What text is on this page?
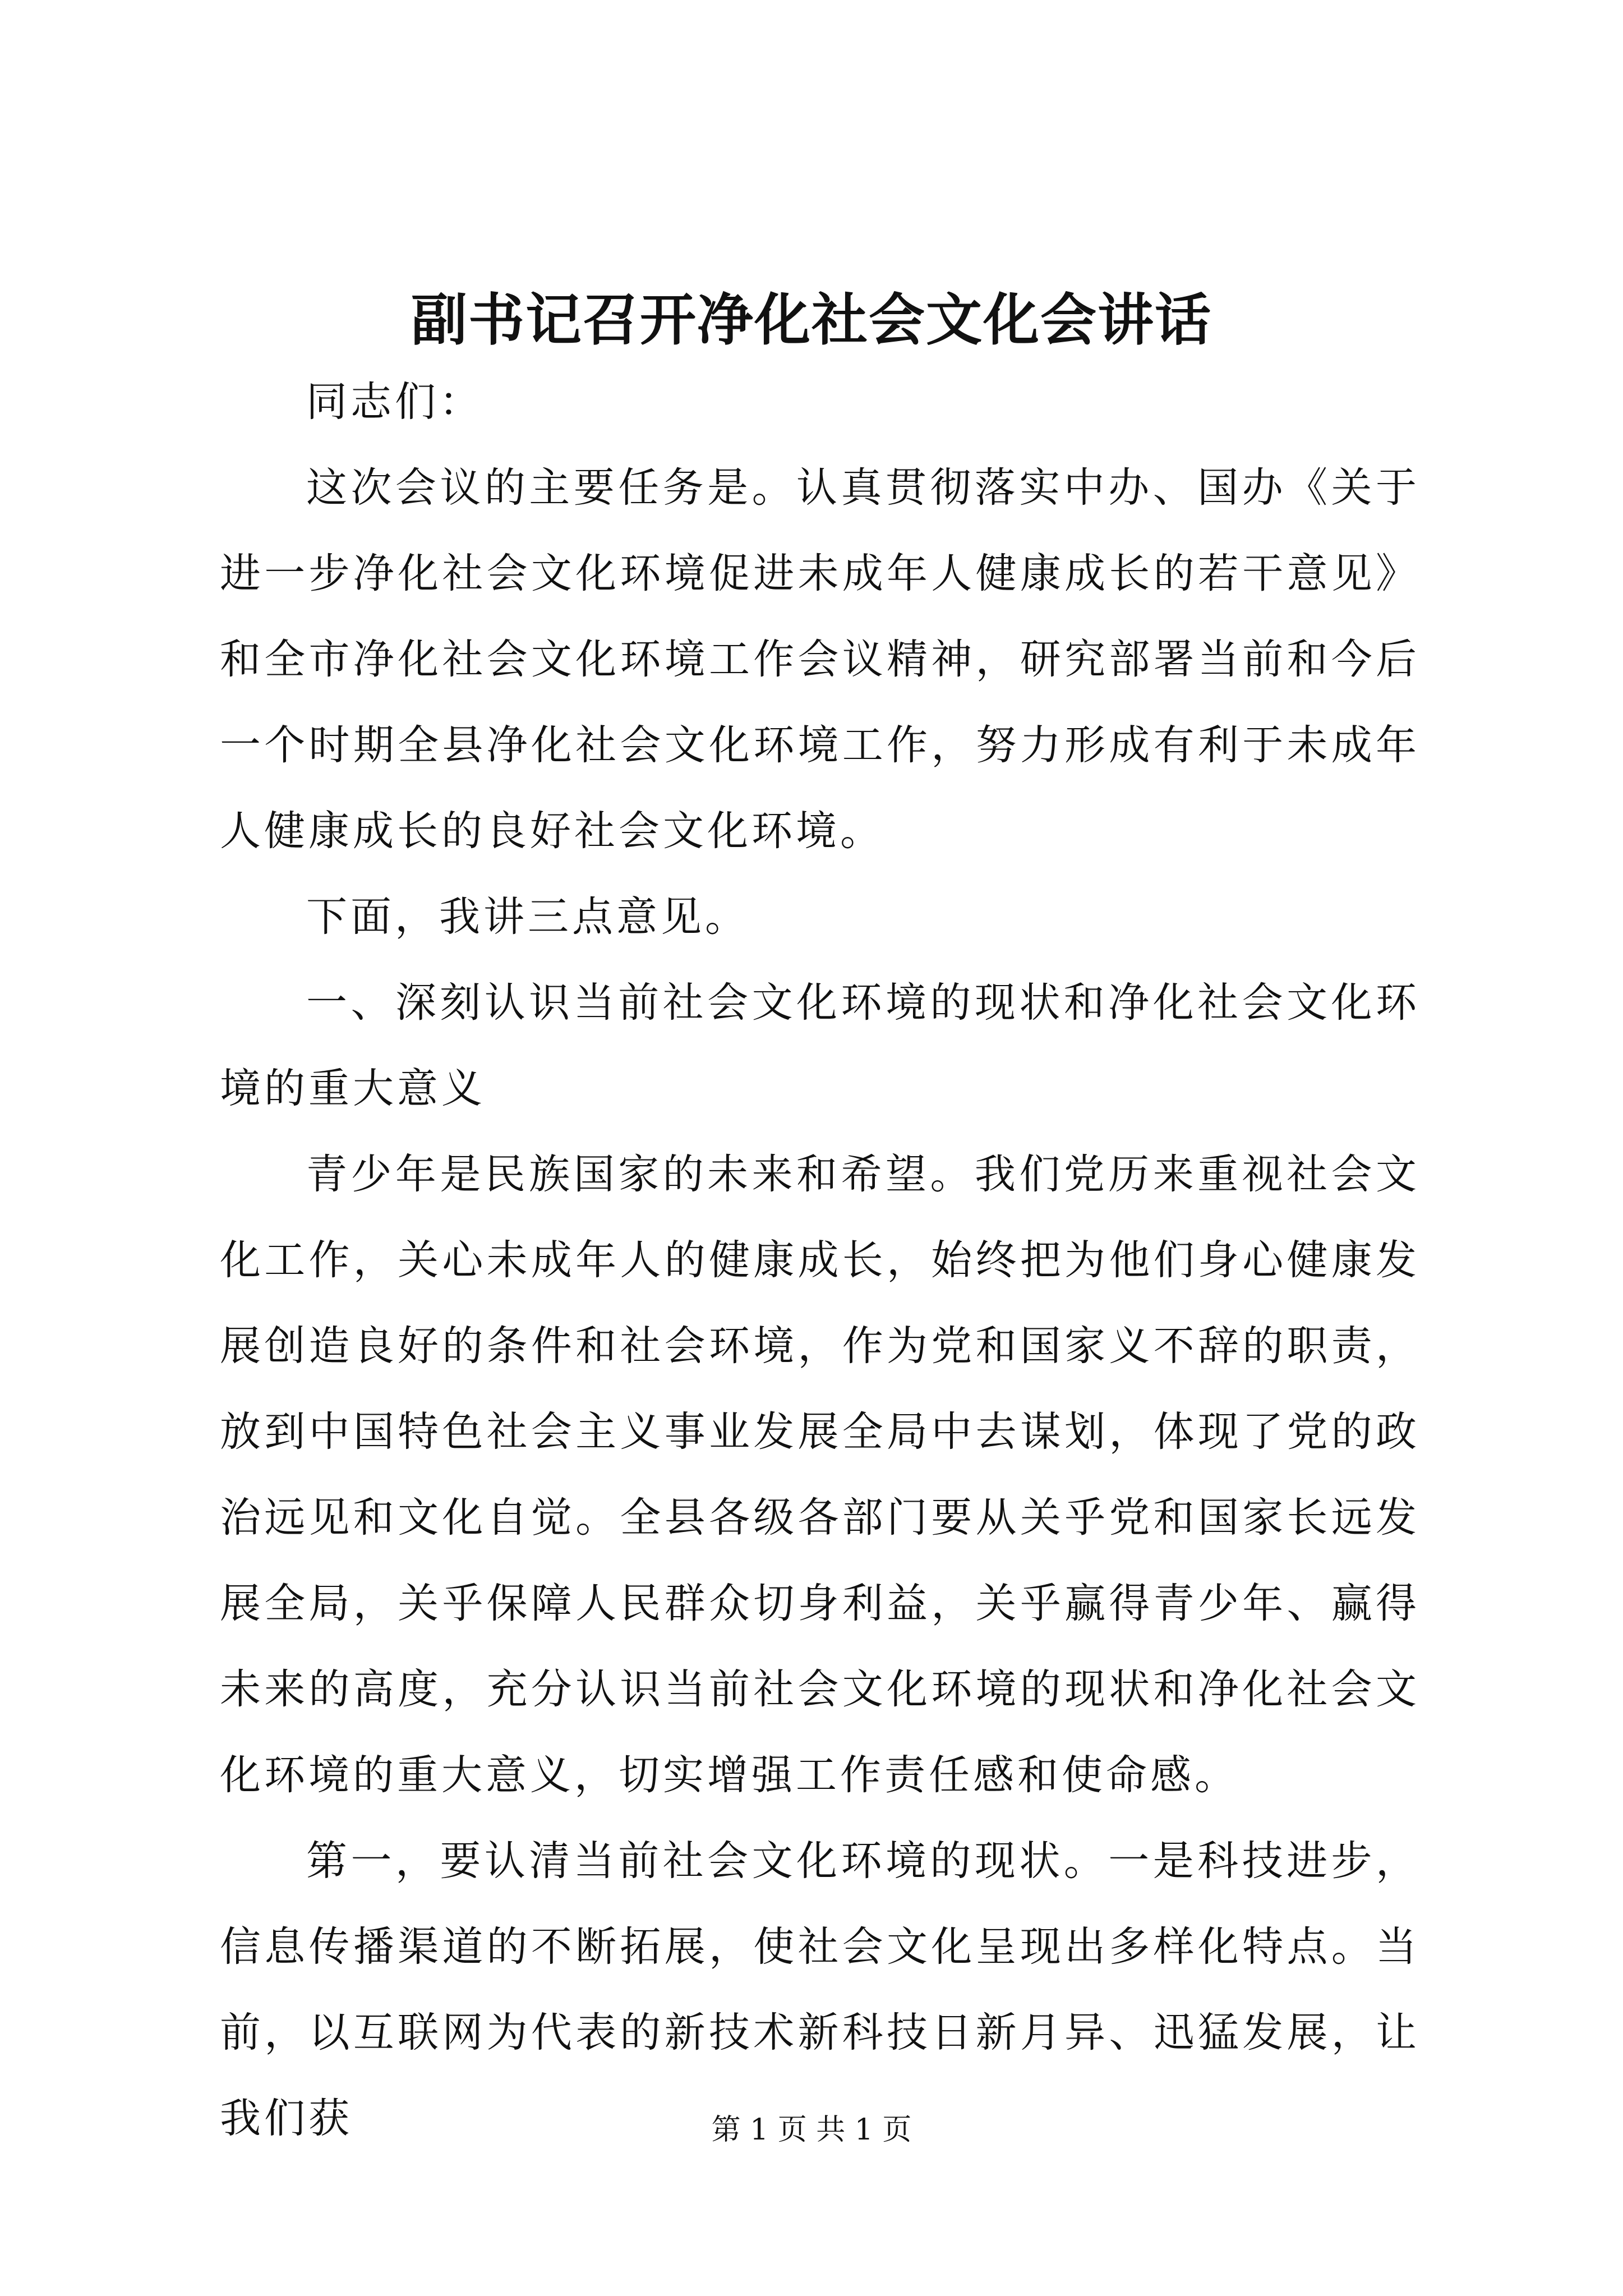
副书记召开净化社会文化会讲话

同志们：

这次会议的主要任务是。认真贯彻落实中办、国办《关于进一步净化社会文化环境促进未成年人健康成长的若干意见》和全市净化社会文化环境工作会议精神，研究部署当前和今后一个时期全县净化社会文化环境工作，努力形成有利于未成年人健康成长的良好社会文化环境。

下面，我讲三点意见。

一、深刻认识当前社会文化环境的现状和净化社会文化环境的重大意义

青少年是民族国家的未来和希望。我们党历来重视社会文化工作，关心未成年人的健康成长，始终把为他们身心健康发展创造良好的条件和社会环境，作为党和国家义不辞的职责，放到中国特色社会主义事业发展全局中去谋划，体现了党的政治远见和文化自觉。全县各级各部门要从关乎党和国家长远发展全局，关乎保障人民群众切身利益，关乎赢得青少年、赢得未来的高度，充分认识当前社会文化环境的现状和净化社会文化环境的重大意义，切实增强工作责任感和使命感。

第一，要认清当前社会文化环境的现状。一是科技进步，信息传播渠道的不断拓展，使社会文化呈现出多样化特点。当前，以互联网为代表的新技术新科技日新月异、迅猛发展，让我们获	第 1 页 共 1 页
